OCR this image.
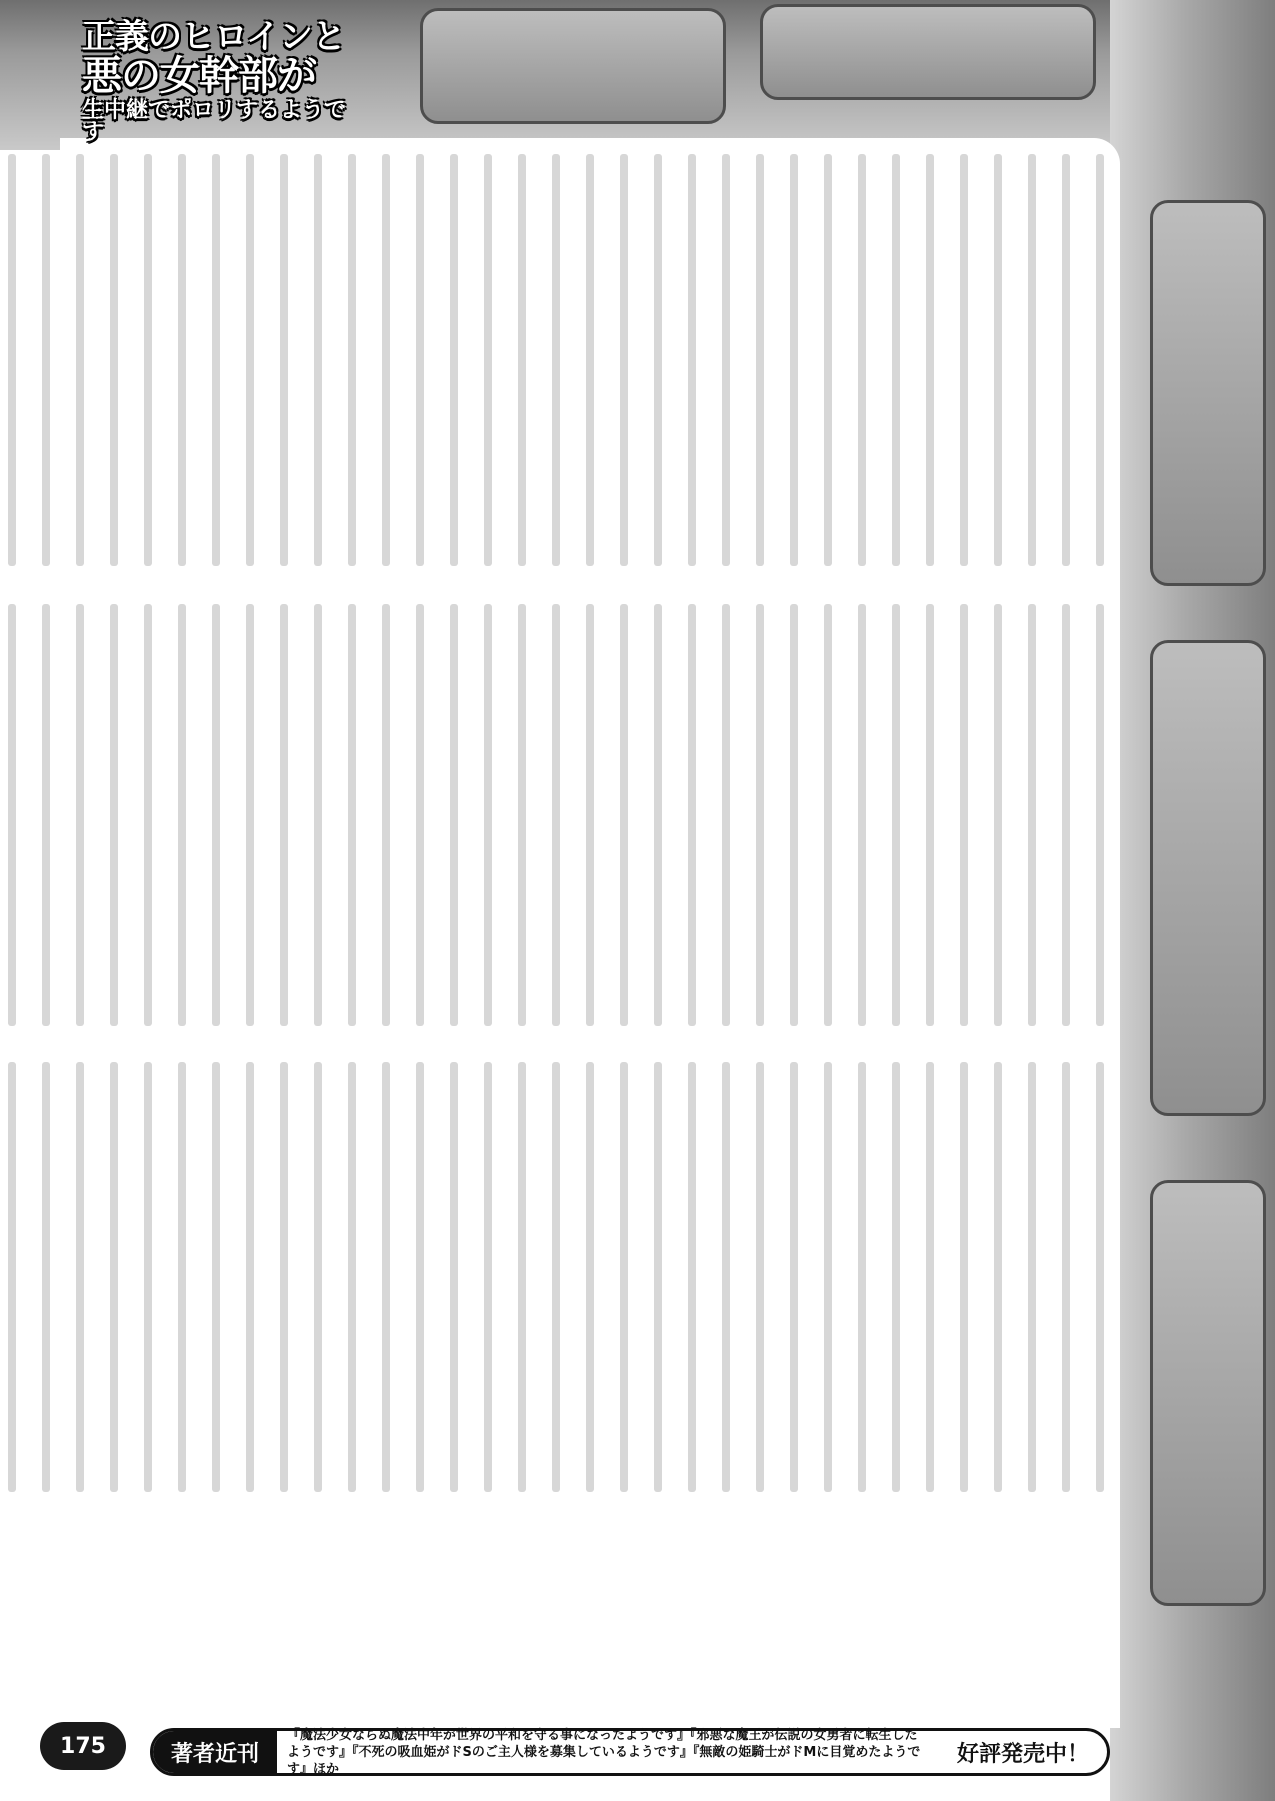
正義のヒロインと
悪の女幹部が
生中継でポロリするようです
175	著者近刊
『魔法少女ならぬ魔法中年が世界の平和を守る事になったようです』『邪悪な魔王が伝説の女勇者に転生したようです』『不死の吸血姫がドSのご主人様を募集しているようです』『無敵の姫騎士がドMに目覚めたようです』ほか
好評発売中！
